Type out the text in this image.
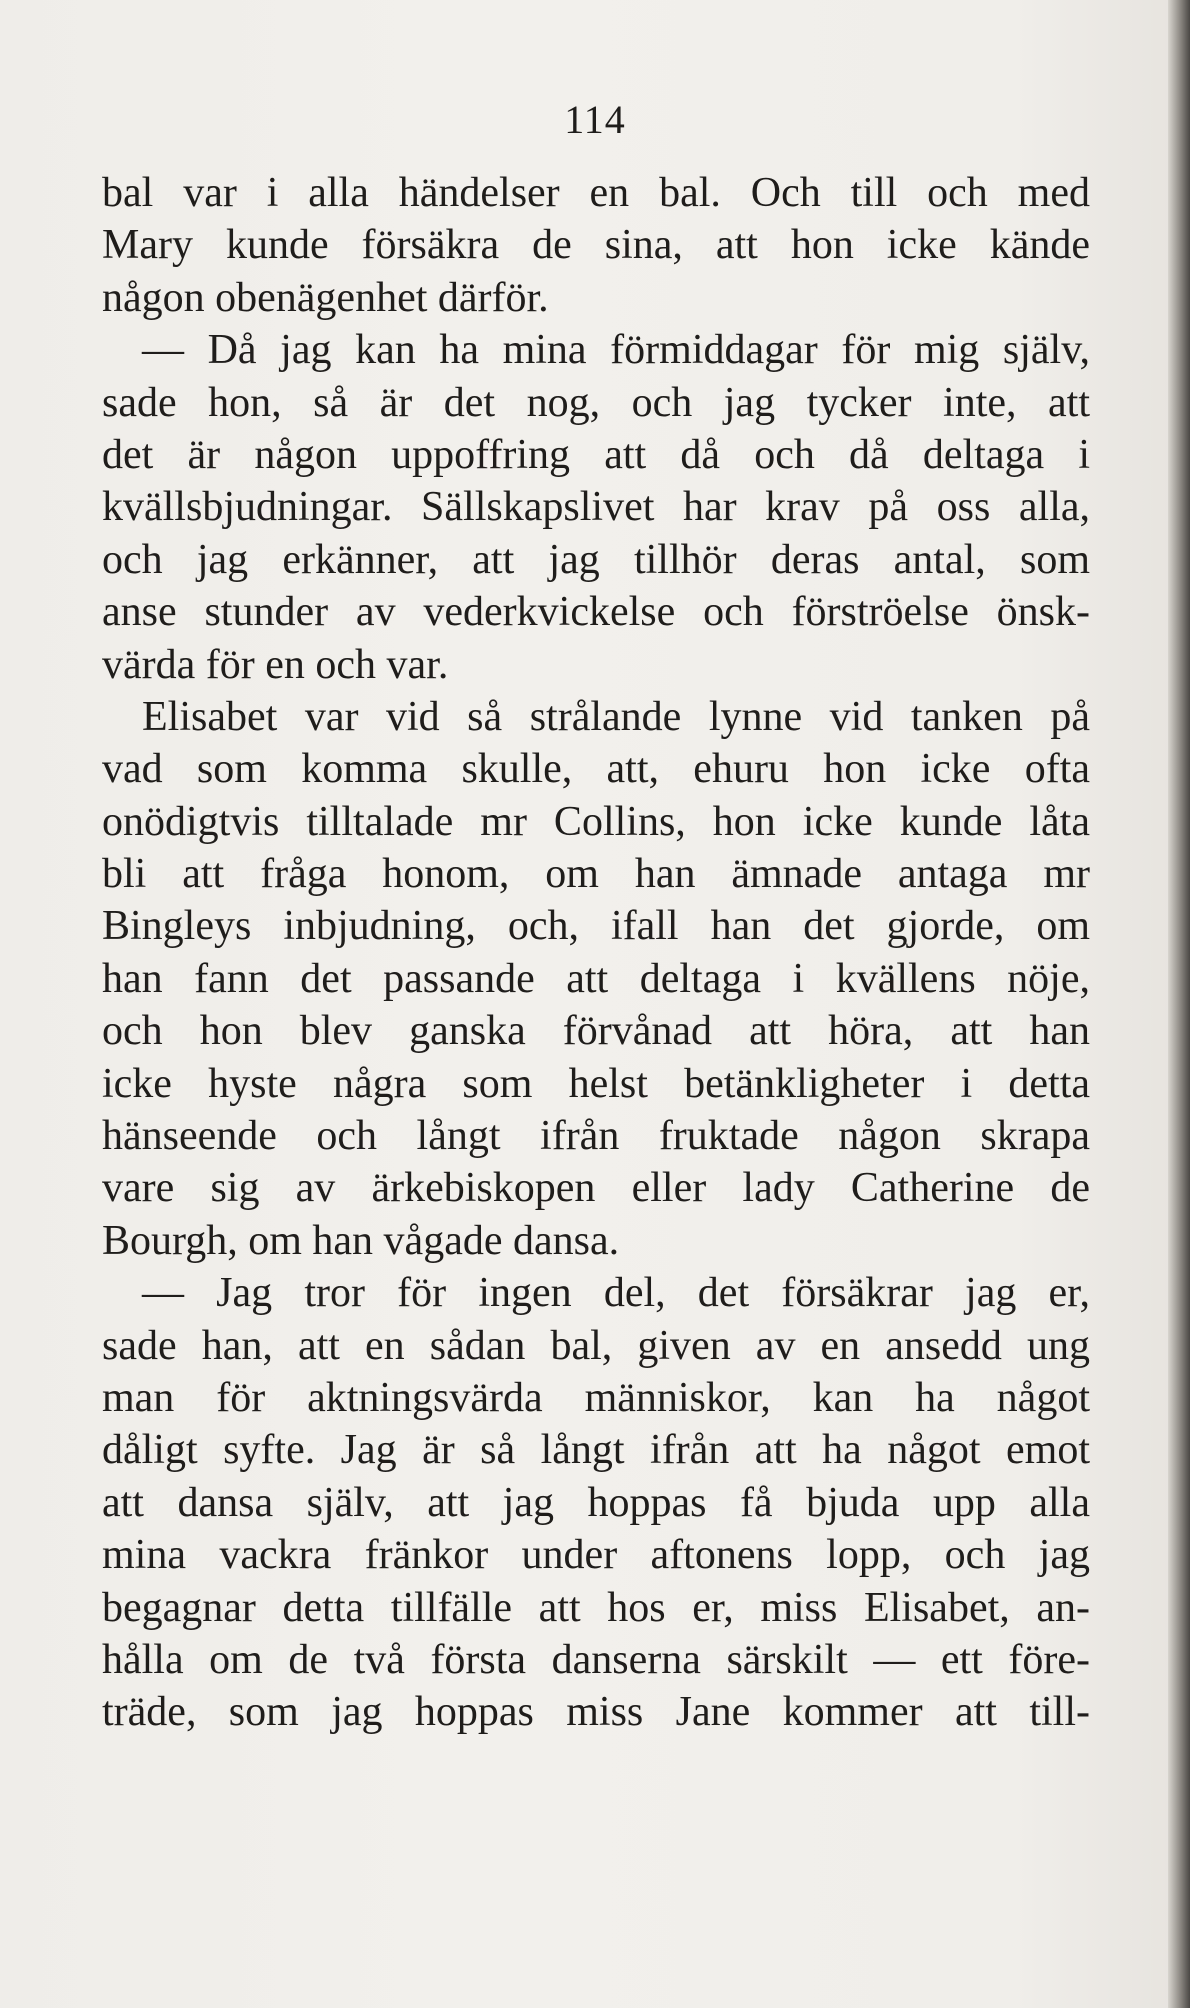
114
bal var i alla händelser en bal. Och till och med
Mary kunde försäkra de sina, att hon icke kände
någon obenägenhet därför.
— Då jag kan ha mina förmiddagar för mig själv,
sade hon, så är det nog, och jag tycker inte, att
det är någon uppoffring att då och då deltaga i
kvällsbjudningar. Sällskapslivet har krav på oss alla,
och jag erkänner, att jag tillhör deras antal, som
anse stunder av vederkvickelse och förströelse önsk-
värda för en och var.
Elisabet var vid så strålande lynne vid tanken på
vad som komma skulle, att, ehuru hon icke ofta
onödigtvis tilltalade mr Collins, hon icke kunde låta
bli att fråga honom, om han ämnade antaga mr
Bingleys inbjudning, och, ifall han det gjorde, om
han fann det passande att deltaga i kvällens nöje,
och hon blev ganska förvånad att höra, att han
icke hyste några som helst betänkligheter i detta
hänseende och långt ifrån fruktade någon skrapa
vare sig av ärkebiskopen eller lady Catherine de
Bourgh, om han vågade dansa.
— Jag tror för ingen del, det försäkrar jag er,
sade han, att en sådan bal, given av en ansedd ung
man för aktningsvärda människor, kan ha något
dåligt syfte. Jag är så långt ifrån att ha något emot
att dansa själv, att jag hoppas få bjuda upp alla
mina vackra fränkor under aftonens lopp, och jag
begagnar detta tillfälle att hos er, miss Elisabet, an-
hålla om de två första danserna särskilt — ett före-
träde, som jag hoppas miss Jane kommer att till-
